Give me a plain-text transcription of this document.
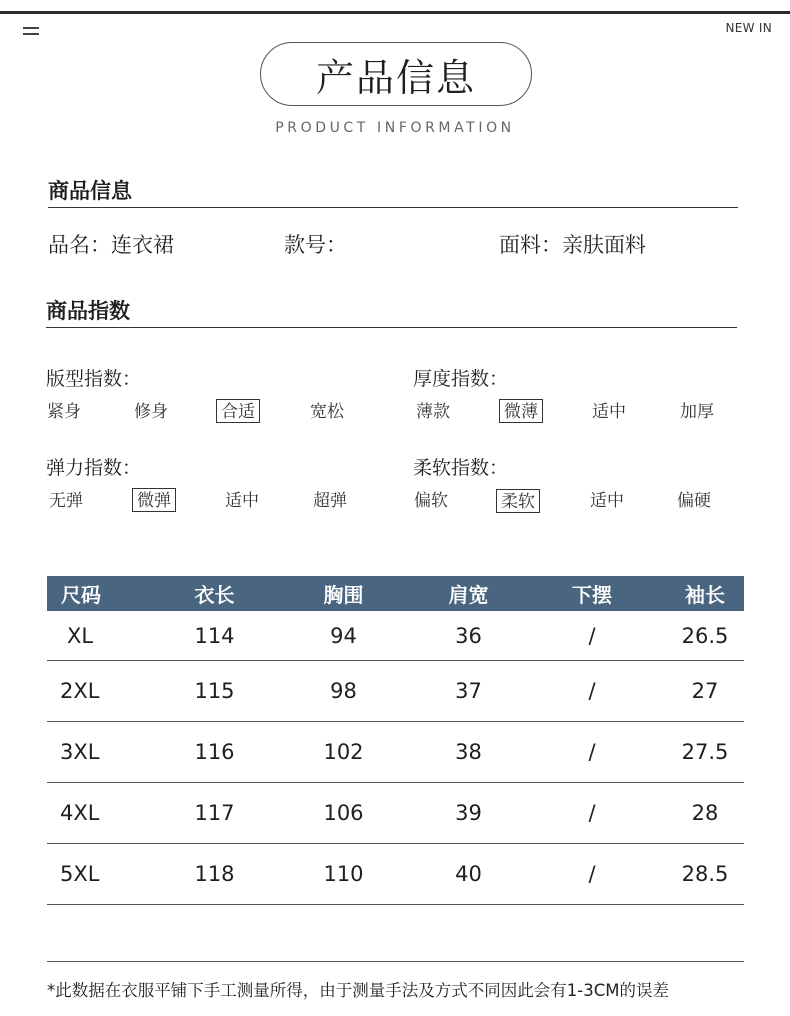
NEW IN
产品信息
PRODUCT INFORMATION
商品信息
品名：连衣裙	款号：	面料：亲肤面料
商品指数
版型指数：
紧身	修身	合适	宽松
厚度指数：
薄款	微薄	适中	加厚
弹力指数：
无弹	微弹	适中	超弹
柔软指数：
偏软	柔软	适中	偏硬
尺码	衣长	胸围	肩宽	下摆	袖长
XL	114	94	36	/	26.5
2XL	115	98	37	/	27
3XL	116	102	38	/	27.5
4XL	117	106	39	/	28
5XL	118	110	40	/	28.5
*此数据在衣服平铺下手工测量所得，由于测量手法及方式不同因此会有1-3CM的误差
